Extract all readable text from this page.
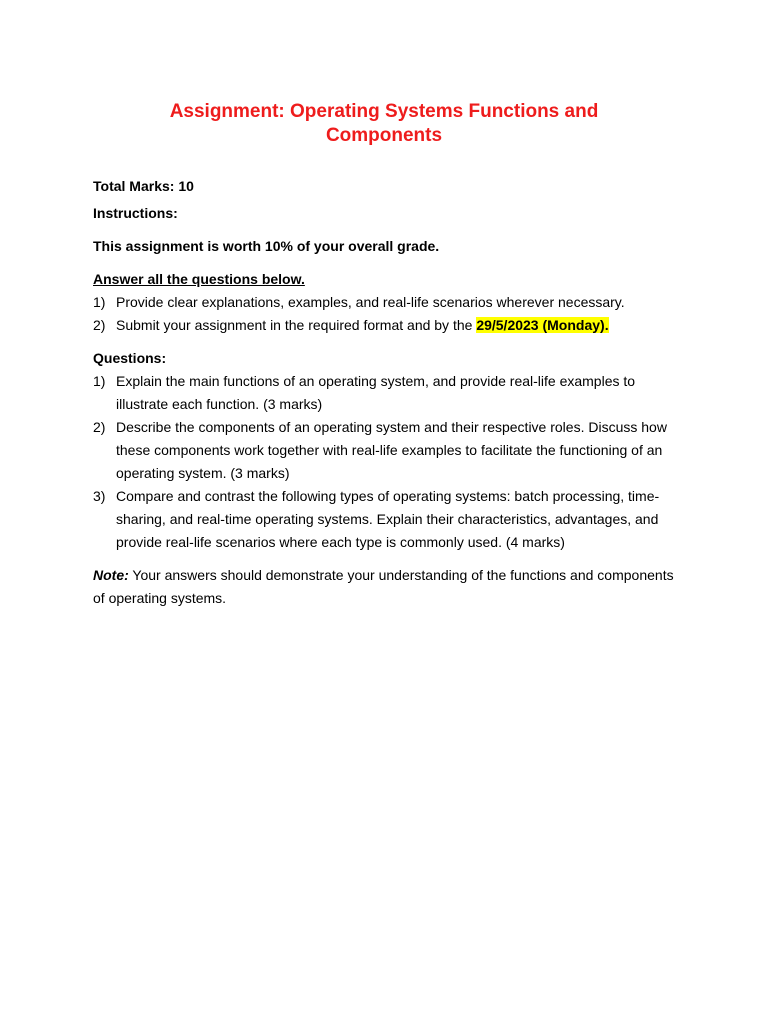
Assignment: Operating Systems Functions and
Components

Total Marks: 10

Instructions:

This assignment is worth 10% of your overall grade.

Answer all the questions below.

1) Provide clear explanations, examples, and real-life scenarios wherever necessary.
2) Submit your assignment in the required format and by the 29/5/2023 (Monday).

Questions:

1) Explain the main functions of an operating system, and provide real-life examples to illustrate each function. (3 marks)
2) Describe the components of an operating system and their respective roles. Discuss how these components work together with real-life examples to facilitate the functioning of an operating system. (3 marks)
3) Compare and contrast the following types of operating systems: batch processing, time-sharing, and real-time operating systems. Explain their characteristics, advantages, and provide real-life scenarios where each type is commonly used. (4 marks)

Note: Your answers should demonstrate your understanding of the functions and components of operating systems.
